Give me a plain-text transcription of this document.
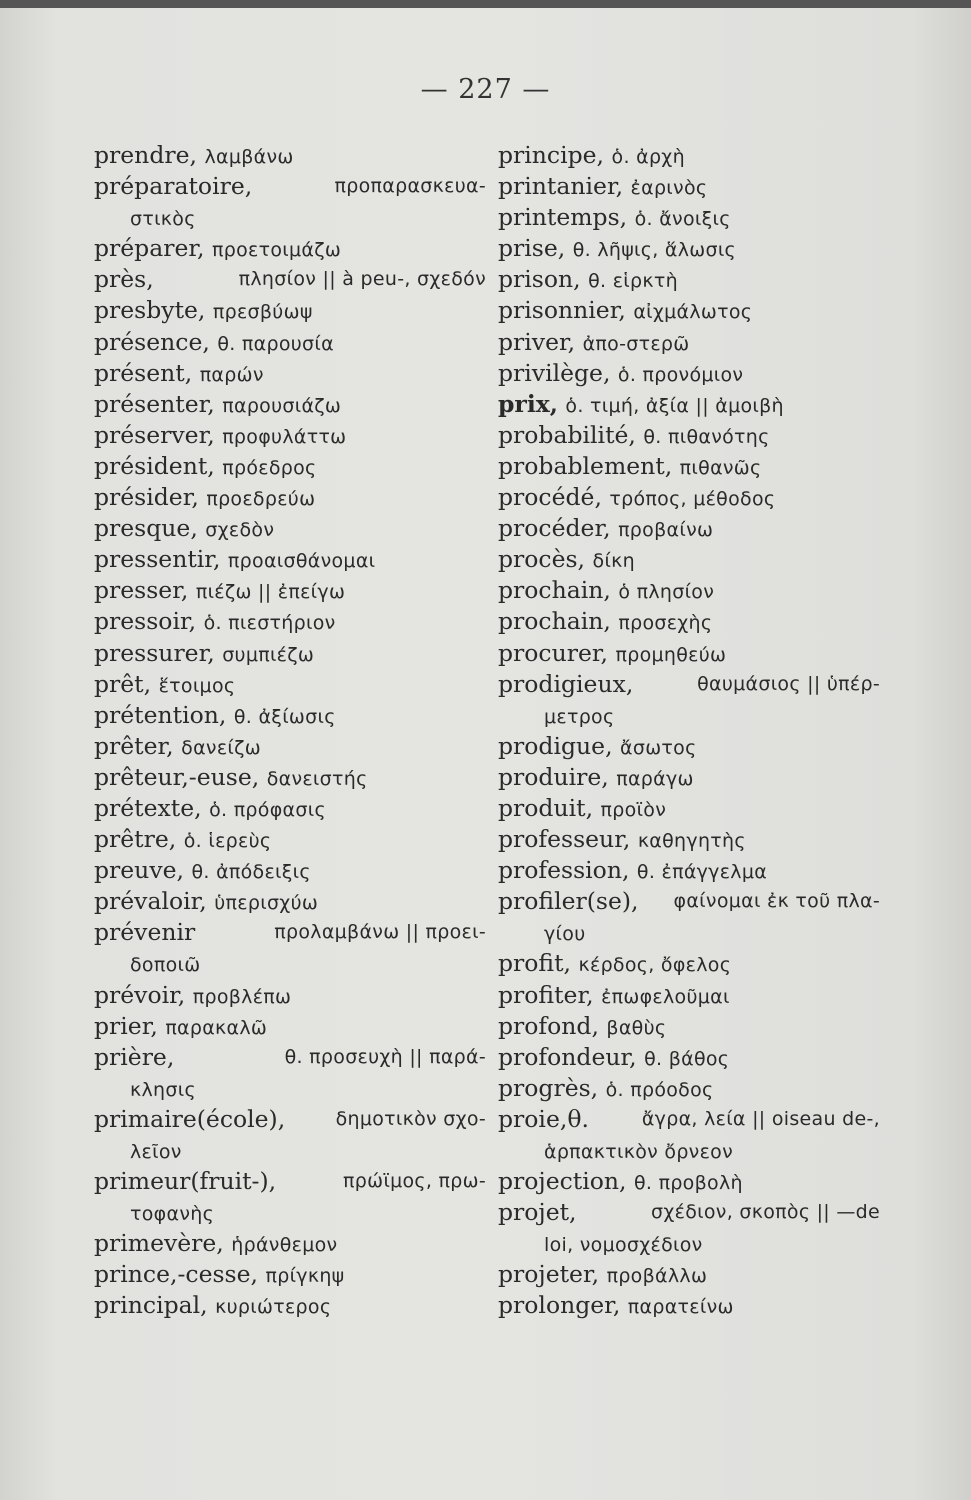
— 227 —
prendre, λαμβάνω
préparatoire,	προπαρασκευα-
στικὸς
préparer, προετοιμάζω
près,	πλησίον || à peu-, σχεδόν
presbyte, πρεσβύωψ
présence, θ. παρουσία
présent, παρών
présenter, παρουσιάζω
préserver, προφυλάττω
président, πρόεδρος
présider, προεδρεύω
presque, σχεδὸν
pressentir, προαισθάνομαι
presser, πιέζω || ἐπείγω
pressoir, ὁ. πιεστήριον
pressurer, συμπιέζω
prêt, ἕτοιμος
prétention, θ. ἀξίωσις
prêter, δανείζω
prêteur,-euse, δανειστής
prétexte, ὁ. πρόφασις
prêtre, ὁ. ἱερεὺς
preuve, θ. ἀπόδειξις
prévaloir, ὑπερισχύω
prévenir	προλαμβάνω || προει-
δοποιῶ
prévoir, προβλέπω
prier, παρακαλῶ
prière,	θ. προσευχὴ || παρά-
κλησις
primaire(école),	δημοτικὸν σχο-
λεῖον
primeur(fruit-),	πρώϊμος, πρω-
τοφανὴς
primevère, ἡράνθεμον
prince,-cesse, πρίγκηψ
principal, κυριώτερος
principe, ὁ. ἀρχὴ
printanier, ἐαρινὸς
printemps, ὁ. ἄνοιξις
prise, θ. λῆψις, ἅλωσις
prison, θ. εἱρκτὴ
prisonnier, αἰχμάλωτος
priver, ἀπο-στερῶ
privilège, ὁ. προνόμιον
prix, ὁ. τιμή, ἀξία || ἀμοιβὴ
probabilité, θ. πιθανότης
probablement, πιθανῶς
procédé, τρόπος, μέθοδος
procéder, προβαίνω
procès, δίκη
prochain, ὁ πλησίον
prochain, προσεχὴς
procurer, προμηθεύω
prodigieux,	θαυμάσιος || ὑπέρ-
μετρος
prodigue, ἄσωτος
produire, παράγω
produit, προϊὸν
professeur, καθηγητὴς
profession, θ. ἐπάγγελμα
profiler(se), φαίνομαι ἐκ τοῦ πλα-
γίου
profit, κέρδος, ὄφελος
profiter, ἐπωφελοῦμαι
profond, βαθὺς
profondeur, θ. βάθος
progrès, ὁ. πρόοδος
proie,θ.	ἄγρα, λεία || oiseau de-,
ἁρπακτικὸν ὄρνεον
projection, θ. προβολὴ
projet,	σχέδιον, σκοπὸς || —de
loi, νομοσχέδιον
projeter, προβάλλω
prolonger, παρατείνω
